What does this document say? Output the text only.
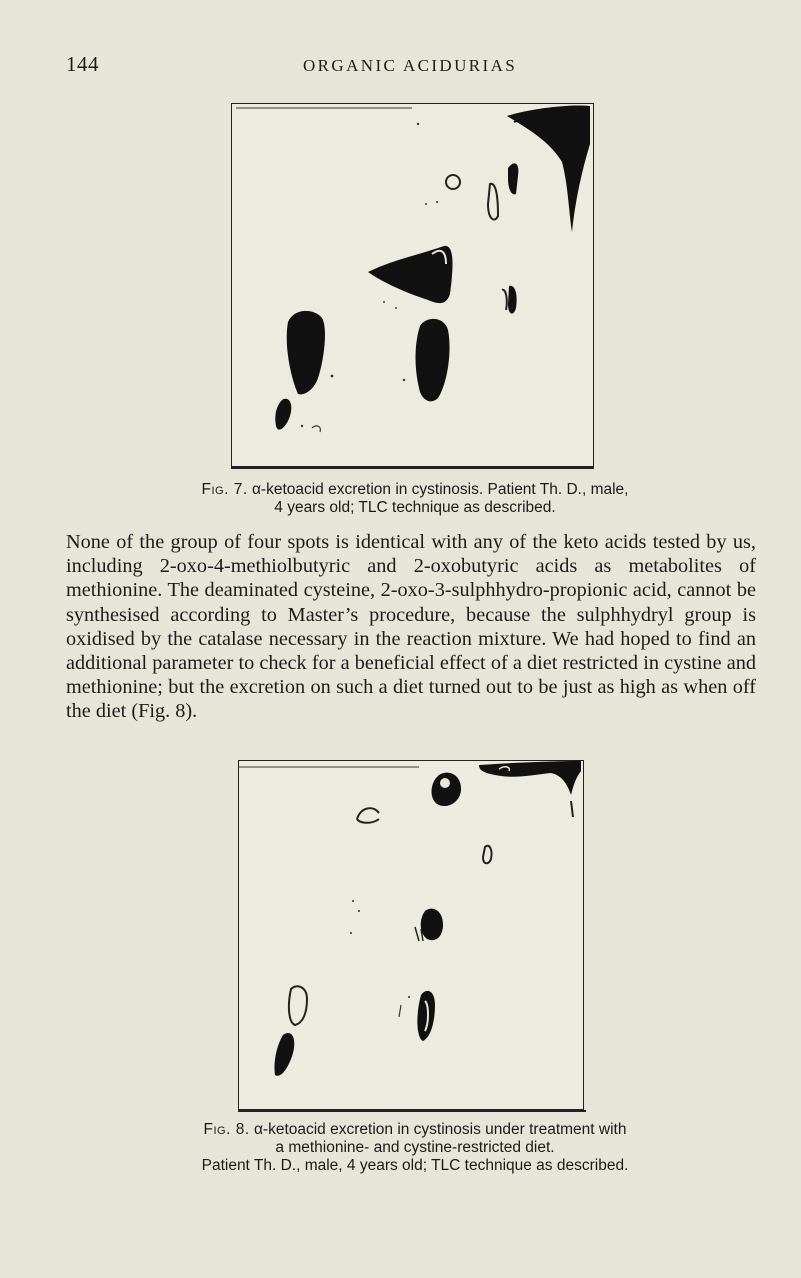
144	ORGANIC ACIDURIAS
Fig. 7. α-ketoacid excretion in cystinosis. Patient Th. D., male,
4 years old; TLC technique as described.
None of the group of four spots is identical with any of the keto acids tested by us, including 2-oxo-4-methiolbutyric and 2-oxobutyric acids as metabolites of methionine. The deaminated cysteine, 2-oxo-3-sulphhydro-propionic acid, cannot be synthesised according to Master’s procedure, because the sulphhydryl group is oxidised by the catalase necessary in the reaction mixture. We had hoped to find an additional parameter to check for a beneficial effect of a diet restricted in cystine and methionine; but the excretion on such a diet turned out to be just as high as when off the diet (Fig. 8).
Fig. 8. α-ketoacid excretion in cystinosis under treatment with
a methionine- and cystine-restricted diet.
Patient Th. D., male, 4 years old; TLC technique as described.
